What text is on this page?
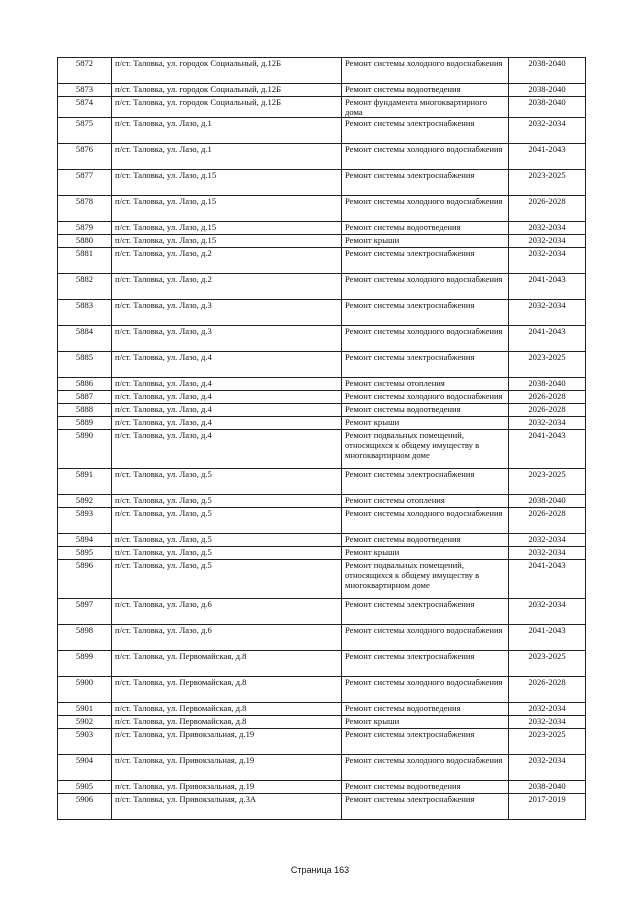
5872	п/ст. Таловка, ул. городок Социальный, д.12Б	Ремонт системы холодного водоснабжения	2038-2040
5873	п/ст. Таловка, ул. городок Социальный, д.12Б	Ремонт системы водоотведения	2038-2040
5874	п/ст. Таловка, ул. городок Социальный, д.12Б	Ремонт фундамента многоквартирного дома	2038-2040
5875	п/ст. Таловка, ул. Лазо, д.1	Ремонт системы электроснабжения	2032-2034
5876	п/ст. Таловка, ул. Лазо, д.1	Ремонт системы холодного водоснабжения	2041-2043
5877	п/ст. Таловка, ул. Лазо, д.15	Ремонт системы электроснабжения	2023-2025
5878	п/ст. Таловка, ул. Лазо, д.15	Ремонт системы холодного водоснабжения	2026-2028
5879	п/ст. Таловка, ул. Лазо, д.15	Ремонт системы водоотведения	2032-2034
5880	п/ст. Таловка, ул. Лазо, д.15	Ремонт крыши	2032-2034
5881	п/ст. Таловка, ул. Лазо, д.2	Ремонт системы электроснабжения	2032-2034
5882	п/ст. Таловка, ул. Лазо, д.2	Ремонт системы холодного водоснабжения	2041-2043
5883	п/ст. Таловка, ул. Лазо, д.3	Ремонт системы электроснабжения	2032-2034
5884	п/ст. Таловка, ул. Лазо, д.3	Ремонт системы холодного водоснабжения	2041-2043
5885	п/ст. Таловка, ул. Лазо, д.4	Ремонт системы электроснабжения	2023-2025
5886	п/ст. Таловка, ул. Лазо, д.4	Ремонт системы отопления	2038-2040
5887	п/ст. Таловка, ул. Лазо, д.4	Ремонт системы холодного водоснабжения	2026-2028
5888	п/ст. Таловка, ул. Лазо, д.4	Ремонт системы водоотведения	2026-2028
5889	п/ст. Таловка, ул. Лазо, д.4	Ремонт крыши	2032-2034
5890	п/ст. Таловка, ул. Лазо, д.4	Ремонт подвальных помещений, относящихся к общему имуществу в многоквартирном доме	2041-2043
5891	п/ст. Таловка, ул. Лазо, д.5	Ремонт системы электроснабжения	2023-2025
5892	п/ст. Таловка, ул. Лазо, д.5	Ремонт системы отопления	2038-2040
5893	п/ст. Таловка, ул. Лазо, д.5	Ремонт системы холодного водоснабжения	2026-2028
5894	п/ст. Таловка, ул. Лазо, д.5	Ремонт системы водоотведения	2032-2034
5895	п/ст. Таловка, ул. Лазо, д.5	Ремонт крыши	2032-2034
5896	п/ст. Таловка, ул. Лазо, д.5	Ремонт подвальных помещений, относящихся к общему имуществу в многоквартирном доме	2041-2043
5897	п/ст. Таловка, ул. Лазо, д.6	Ремонт системы электроснабжения	2032-2034
5898	п/ст. Таловка, ул. Лазо, д.6	Ремонт системы холодного водоснабжения	2041-2043
5899	п/ст. Таловка, ул. Первомайская, д.8	Ремонт системы электроснабжения	2023-2025
5900	п/ст. Таловка, ул. Первомайская, д.8	Ремонт системы холодного водоснабжения	2026-2028
5901	п/ст. Таловка, ул. Первомайская, д.8	Ремонт системы водоотведения	2032-2034
5902	п/ст. Таловка, ул. Первомайская, д.8	Ремонт крыши	2032-2034
5903	п/ст. Таловка, ул. Привокзальная, д.19	Ремонт системы электроснабжения	2023-2025
5904	п/ст. Таловка, ул. Привокзальная, д.19	Ремонт системы холодного водоснабжения	2032-2034
5905	п/ст. Таловка, ул. Привокзальная, д.19	Ремонт системы водоотведения	2038-2040
5906	п/ст. Таловка, ул. Привокзальная, д.3А	Ремонт системы электроснабжения	2017-2019
Страница 163
